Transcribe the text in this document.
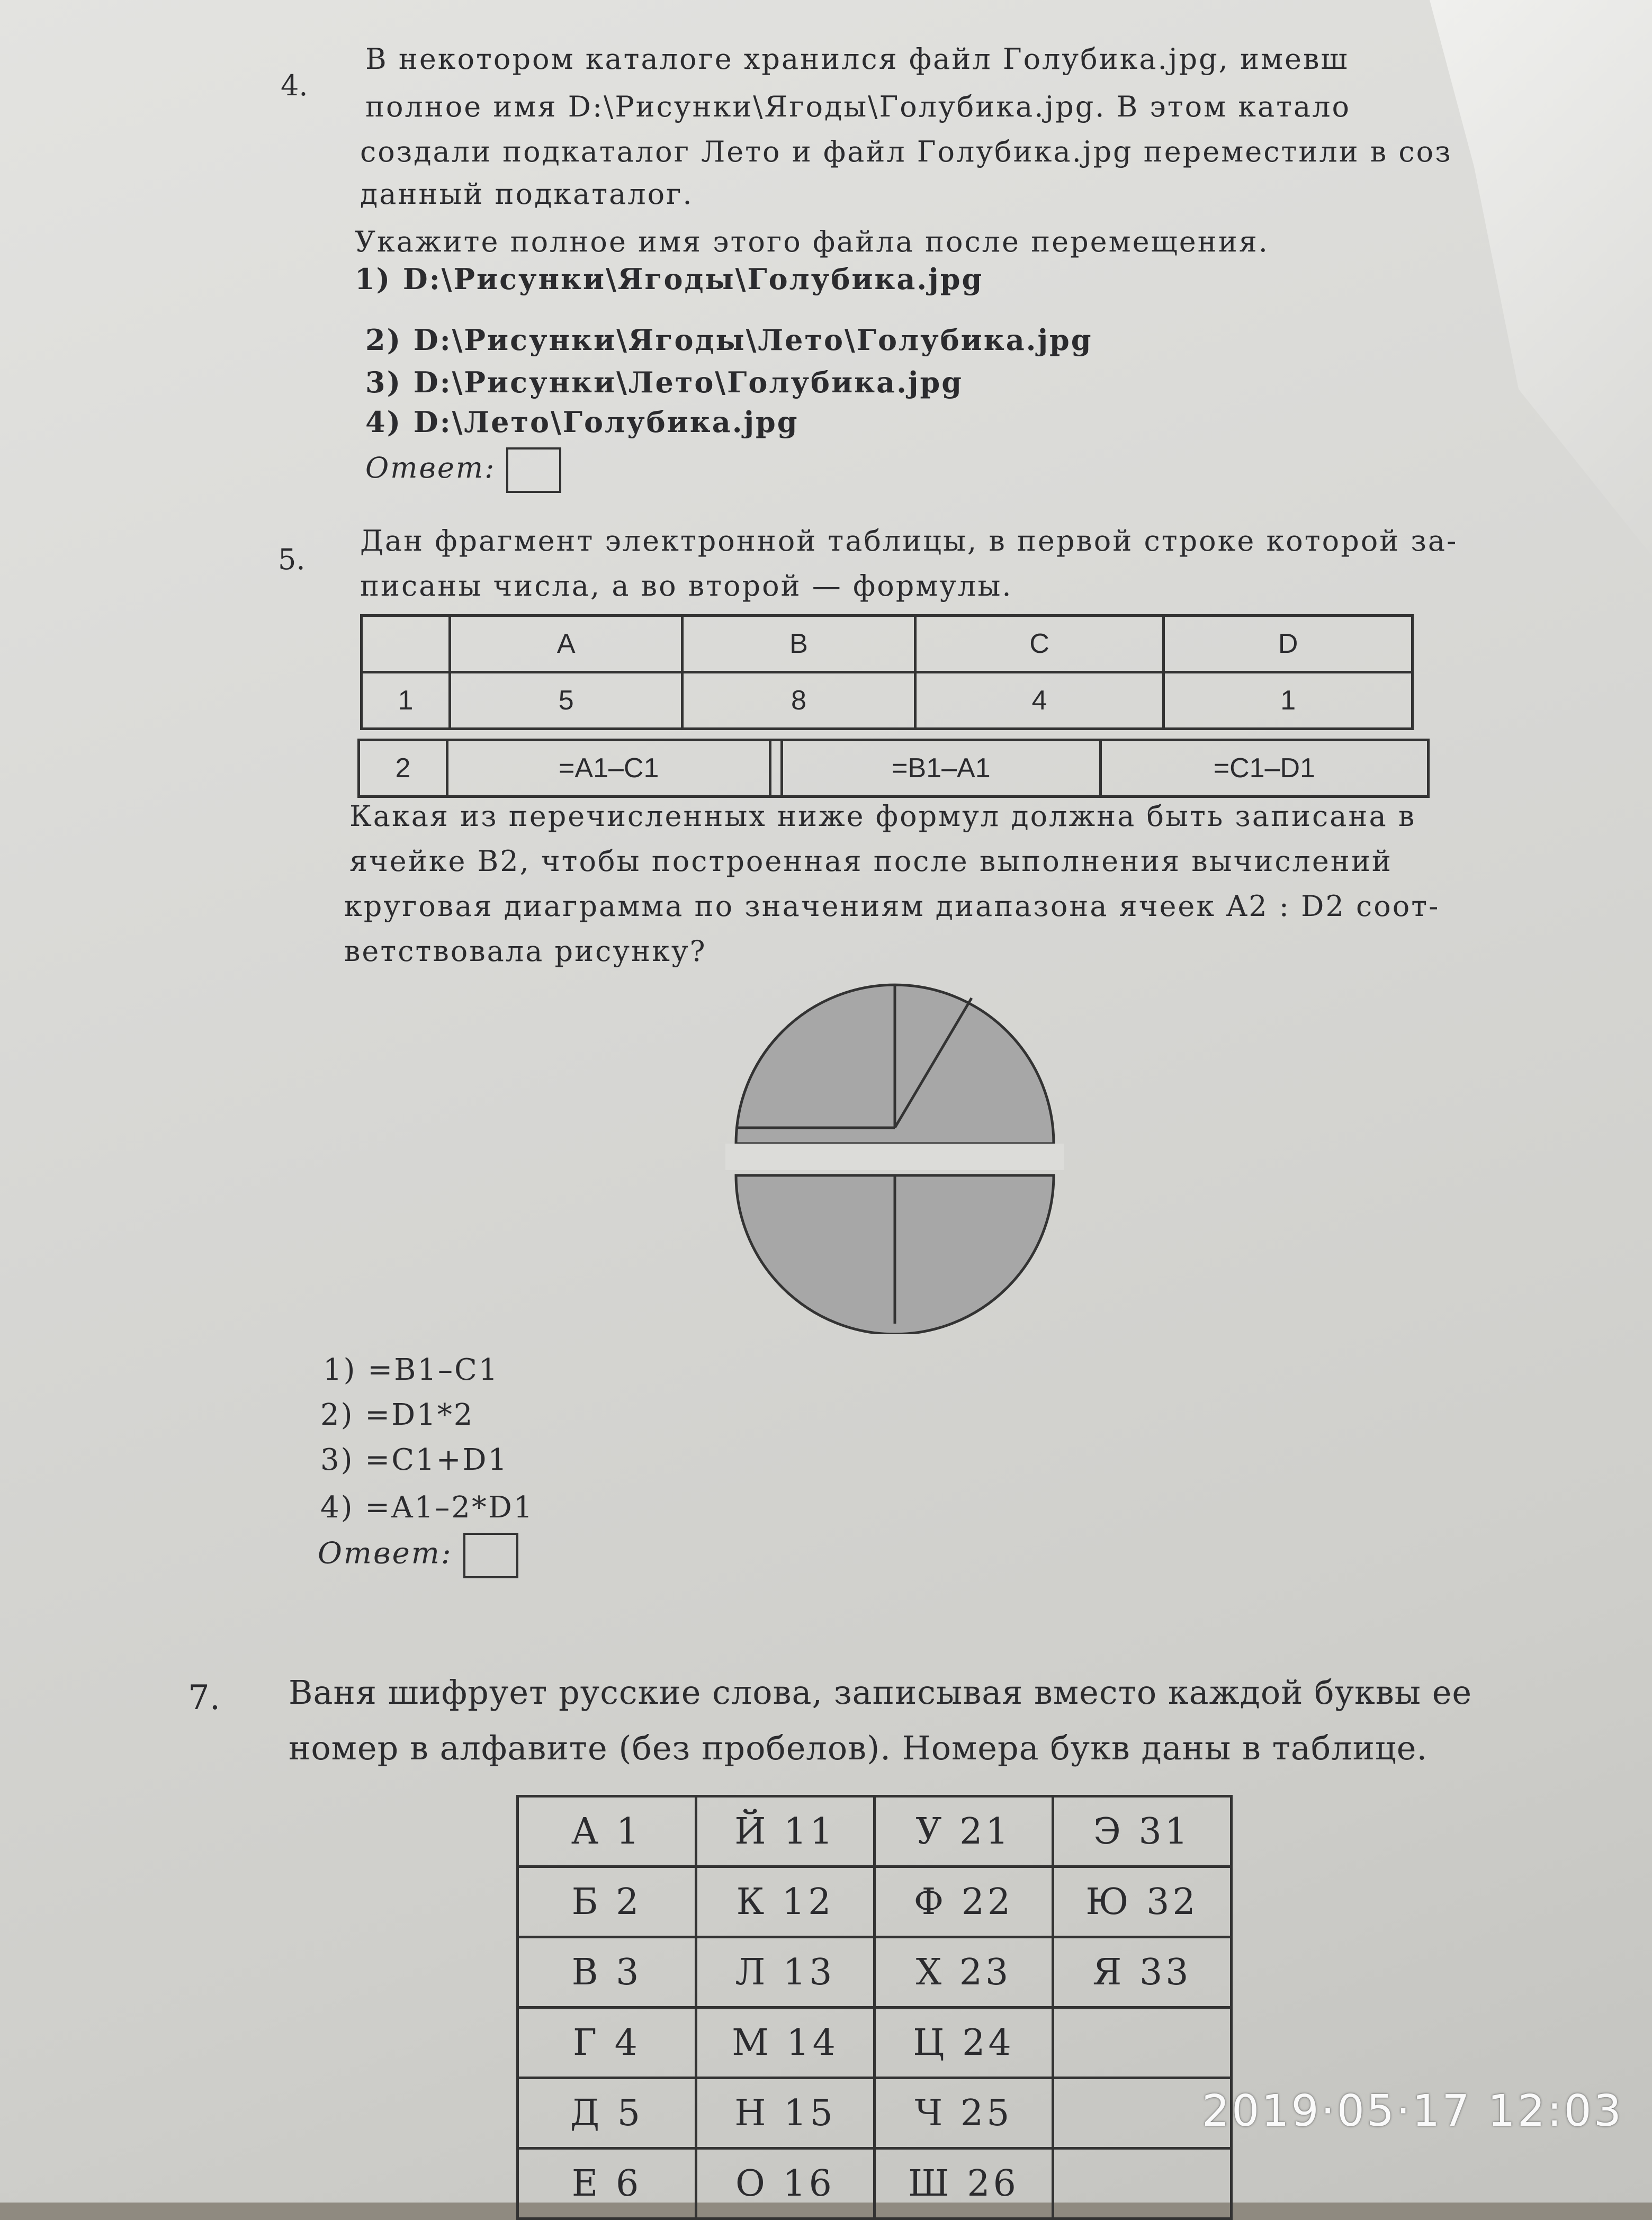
4.
В некотором каталоге хранился файл Голубика.jpg, имевш
полное имя D:\Рисунки\Ягоды\Голубика.jpg. В этом катало
создали подкаталог Лето и файл Голубика.jpg переместили в соз
данный подкаталог.
Укажите полное имя этого файла после перемещения.
1) D:\Рисунки\Ягоды\Голубика.jpg
2) D:\Рисунки\Ягоды\Лето\Голубика.jpg
3) D:\Рисунки\Лето\Голубика.jpg
4) D:\Лето\Голубика.jpg
Ответ:
5.
Дан фрагмент электронной таблицы, в первой строке которой за-
писаны числа, а во второй — формулы.
	A	B	C	D
1	5	8	4	1
2	=A1–C1		=B1–A1	=C1–D1
Какая из перечисленных ниже формул должна быть записана в
ячейке B2, чтобы построенная после выполнения вычислений
круговая диаграмма по значениям диапазона ячеек A2 : D2 соот-
ветствовала рисунку?
1) =B1–C1
2) =D1*2
3) =C1+D1
4) =A1–2*D1
Ответ:
7. Ваня шифрует русские слова, записывая вместо каждой буквы ее
номер в алфавите (без пробелов). Номера букв даны в таблице.
А 1	Й 11	У 21	Э 31
Б 2	К 12	Ф 22	Ю 32
В 3	Л 13	Х 23	Я 33
Г 4	М 14	Ц 24	
Д 5	Н 15	Ч 25	
Е 6	О 16	Ш 26	
2019·05·17 12:03
